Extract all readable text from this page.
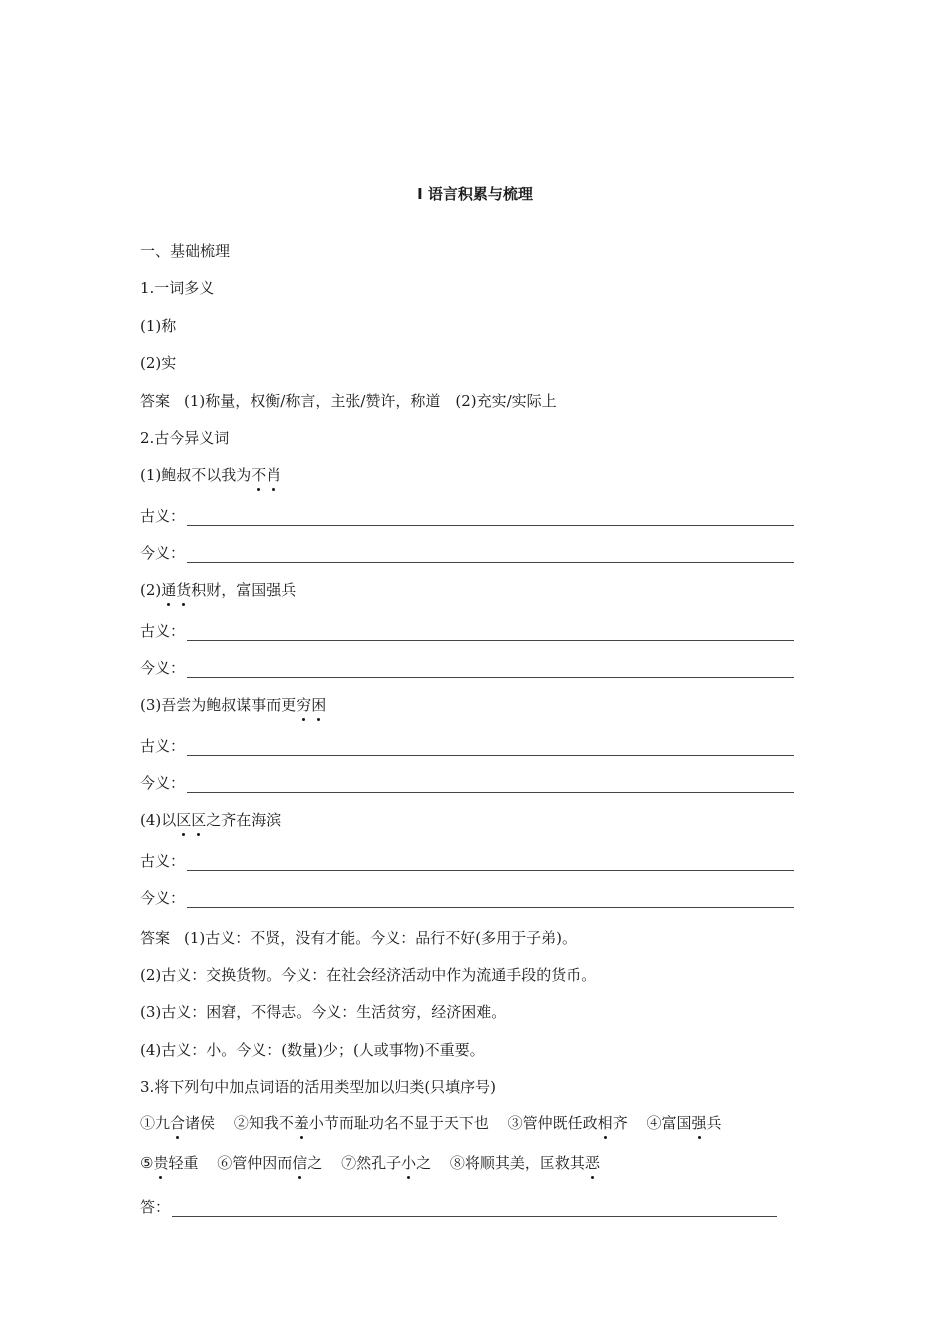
Ⅰ 语言积累与梳理
一、基础梳理
1.一词多义
(1)称
(2)实
答案 (1)称量，权衡/称言，主张/赞许，称道　(2)充实/实际上
2.古今异义词
(1)鲍叔不以我为不肖
古义：
今义：
(2)通货积财，富国强兵
古义：
今义：
(3)吾尝为鲍叔谋事而更穷困
古义：
今义：
(4)以区区之齐在海滨
古义：
今义：
答案 (1)古义：不贤，没有才能。今义：品行不好(多用于子弟)。
(2)古义：交换货物。今义：在社会经济活动中作为流通手段的货币。
(3)古义：困窘，不得志。今义：生活贫穷，经济困难。
(4)古义：小。今义：(数量)少；(人或事物)不重要。
3.将下列句中加点词语的活用类型加以归类(只填序号)
①九合诸侯 ②知我不羞小节而耻功名不显于天下也 ③管仲既任政相齐 ④富国强兵
⑤贵轻重 ⑥管仲因而信之 ⑦然孔子小之 ⑧将顺其美，匡救其恶
答：
